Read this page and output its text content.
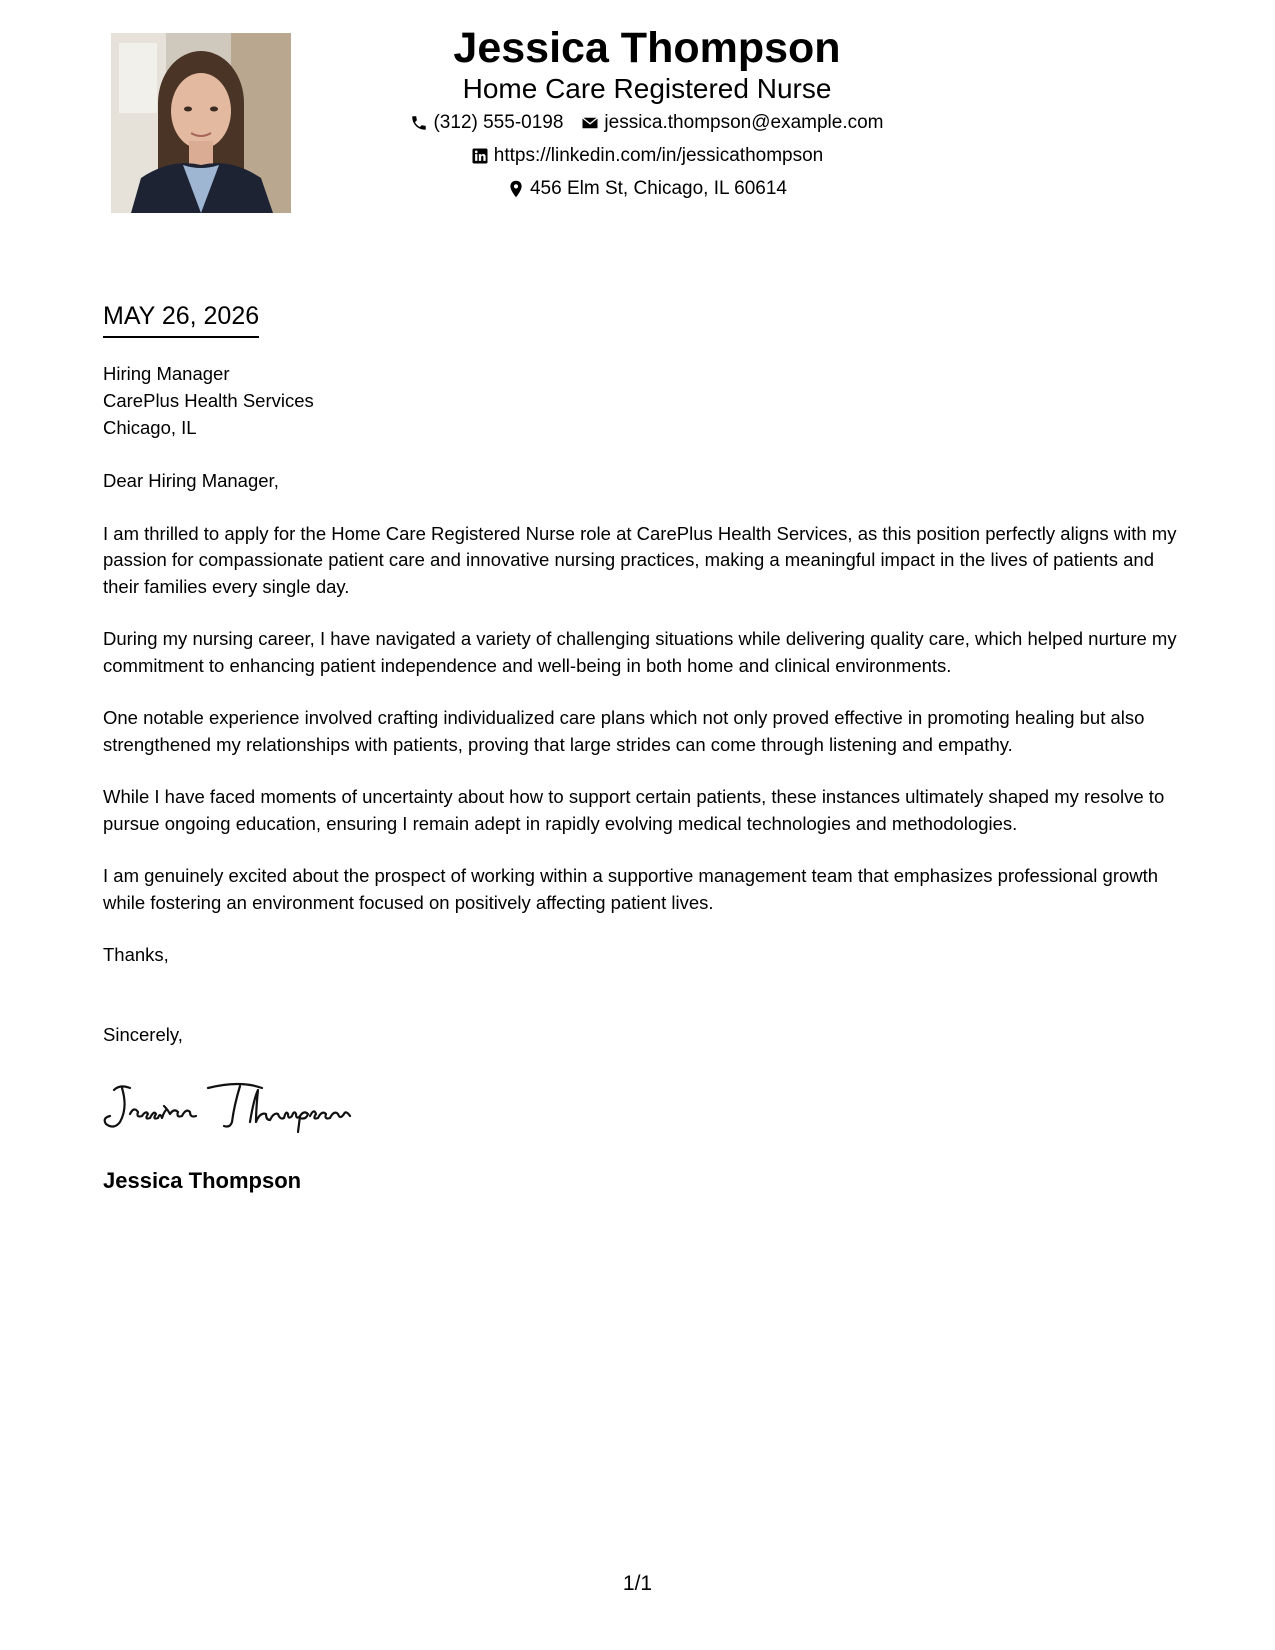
Jessica Thompson
Home Care Registered Nurse
(312) 555-0198 jessica.thompson@example.com
https://linkedin.com/in/jessicathompson
456 Elm St, Chicago, IL 60614
MAY 26, 2026
Hiring Manager
CarePlus Health Services
Chicago, IL

Dear Hiring Manager,

I am thrilled to apply for the Home Care Registered Nurse role at CarePlus Health Services, as this position perfectly aligns with my passion for compassionate patient care and innovative nursing practices, making a meaningful impact in the lives of patients and their families every single day.

During my nursing career, I have navigated a variety of challenging situations while delivering quality care, which helped nurture my commitment to enhancing patient independence and well-being in both home and clinical environments.

One notable experience involved crafting individualized care plans which not only proved effective in promoting healing but also strengthened my relationships with patients, proving that large strides can come through listening and empathy.

While I have faced moments of uncertainty about how to support certain patients, these instances ultimately shaped my resolve to pursue ongoing education, ensuring I remain adept in rapidly evolving medical technologies and methodologies.

I am genuinely excited about the prospect of working within a supportive management team that emphasizes professional growth while fostering an environment focused on positively affecting patient lives.

Thanks,

Sincerely,

Jessica Thompson
1/1
